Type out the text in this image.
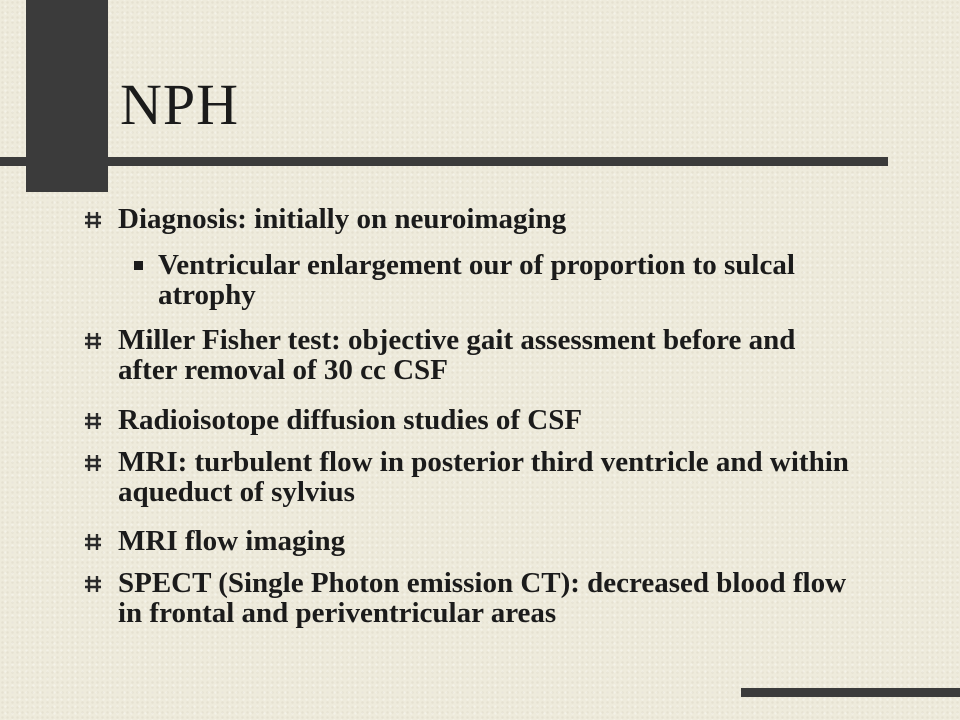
NPH
Diagnosis: initially on neuroimaging
Ventricular enlargement our of proportion to sulcal atrophy
Miller Fisher test: objective gait assessment before and after removal of 30 cc CSF
Radioisotope diffusion studies of CSF
MRI: turbulent flow in posterior third ventricle and within aqueduct of sylvius
MRI flow imaging
SPECT (Single Photon emission CT): decreased blood flow in frontal and periventricular areas
